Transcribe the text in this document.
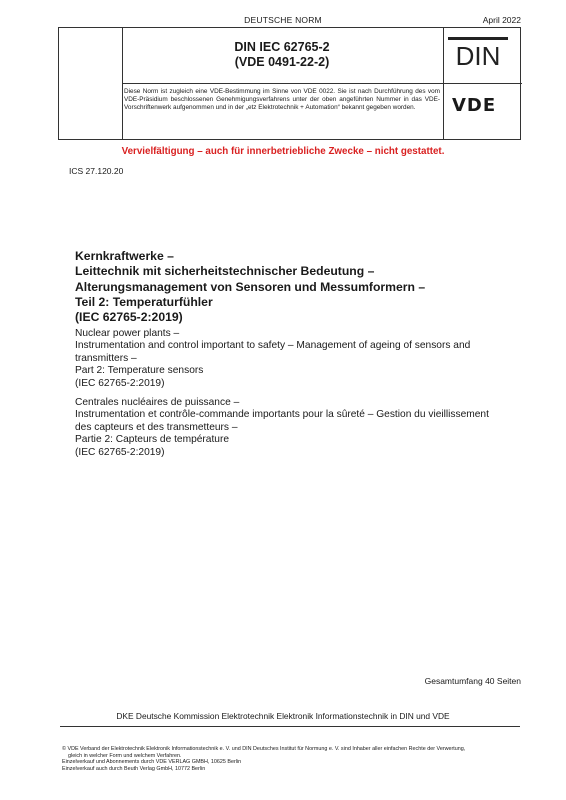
DEUTSCHE NORM	April 2022
DIN IEC 62765-2
(VDE 0491-22-2)
Diese Norm ist zugleich eine VDE-Bestimmung im Sinne von VDE 0022. Sie ist nach Durchführung des vom VDE-Präsidium beschlossenen Genehmigungsverfahrens unter der oben angeführten Nummer in das VDE-Vorschriftenwerk aufgenommen und in der „etz Elektrotechnik + Automation“ bekannt gegeben worden.
DIN
VDE
Vervielfältigung – auch für innerbetriebliche Zwecke – nicht gestattet.
ICS 27.120.20
Kernkraftwerke –
Leittechnik mit sicherheitstechnischer Bedeutung –
Alterungsmanagement von Sensoren und Messumformern –
Teil 2: Temperaturfühler
(IEC 62765-2:2019)
Nuclear power plants –
Instrumentation and control important to safety – Management of ageing of sensors and
transmitters –
Part 2: Temperature sensors
(IEC 62765-2:2019)
Centrales nucléaires de puissance –
Instrumentation et contrôle-commande importants pour la sûreté – Gestion du vieillissement
des capteurs et des transmetteurs –
Partie 2: Capteurs de température
(IEC 62765-2:2019)
Gesamtumfang 40 Seiten
DKE Deutsche Kommission Elektrotechnik Elektronik Informationstechnik in DIN und VDE
© VDE Verband der Elektrotechnik Elektronik Informationstechnik e. V. und DIN Deutsches Institut für Normung e. V. sind Inhaber aller einfachen Rechte der Verwertung,
gleich in welcher Form und welchem Verfahren.
Einzelverkauf und Abonnements durch VDE VERLAG GMBH, 10625 Berlin
Einzelverkauf auch durch Beuth Verlag GmbH, 10772 Berlin
